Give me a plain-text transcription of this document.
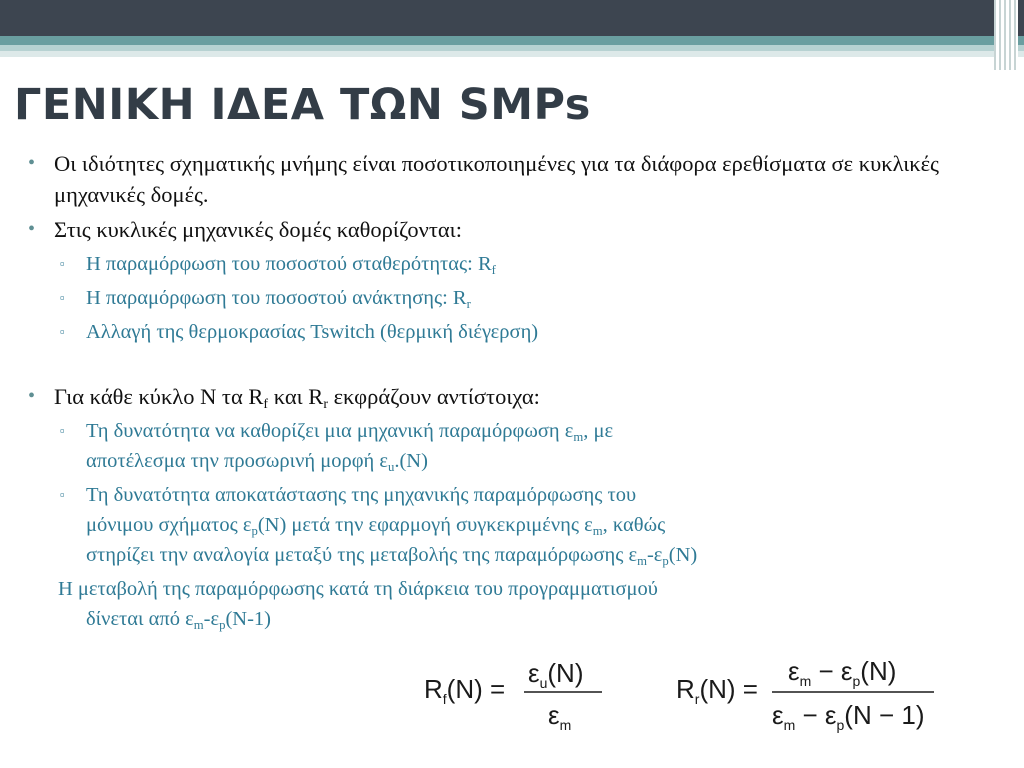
ΓΕΝΙΚΗ ΙΔΕΑ ΤΩΝ SMPs

• Οι ιδιότητες σχηματικής μνήμης είναι ποσοτικοποιημένες για τα διάφορα ερεθίσματα σε κυκλικές μηχανικές δομές.

• Στις κυκλικές μηχανικές δομές καθορίζονται:

▫ Η παραμόρφωση του ποσοστού σταθερότητας: $R_f$

▫ Η παραμόρφωση του ποσοστού ανάκτησης: $R_r$

▫ Αλλαγή της θερμοκρασίας Tswitch (θερμική διέγερση)

• Για κάθε κύκλο N τα $R_f$ και $R_r$ εκφράζουν αντίστοιχα:

▫ Τη δυνατότητα να καθορίζει μια μηχανική παραμόρφωση $\varepsilon_m$, με
αποτέλεσμα την προσωρινή μορφή $\varepsilon_u.(N)$

▫ Τη δυνατότητα αποκατάστασης της μηχανικής παραμόρφωσης του
μόνιμου σχήματος $\varepsilon_p(N)$ μετά την εφαρμογή συγκεκριμένης $\varepsilon_m$, καθώς
στηρίζει την αναλογία μεταξύ της μεταβολής της παραμόρφωσης $\varepsilon_m-\varepsilon_p(N)$

Η μεταβολή της παραμόρφωσης κατά τη διάρκεια του προγραμματισμού
δίνεται από $\varepsilon_m-\varepsilon_p(N-1)$

$R_f(N)$ =
$\varepsilon_u(N)$
$\varepsilon_m$
$R_r(N)$ =
$\varepsilon_m - \varepsilon_p(N)$
$\varepsilon_m - \varepsilon_p(N - 1)$
